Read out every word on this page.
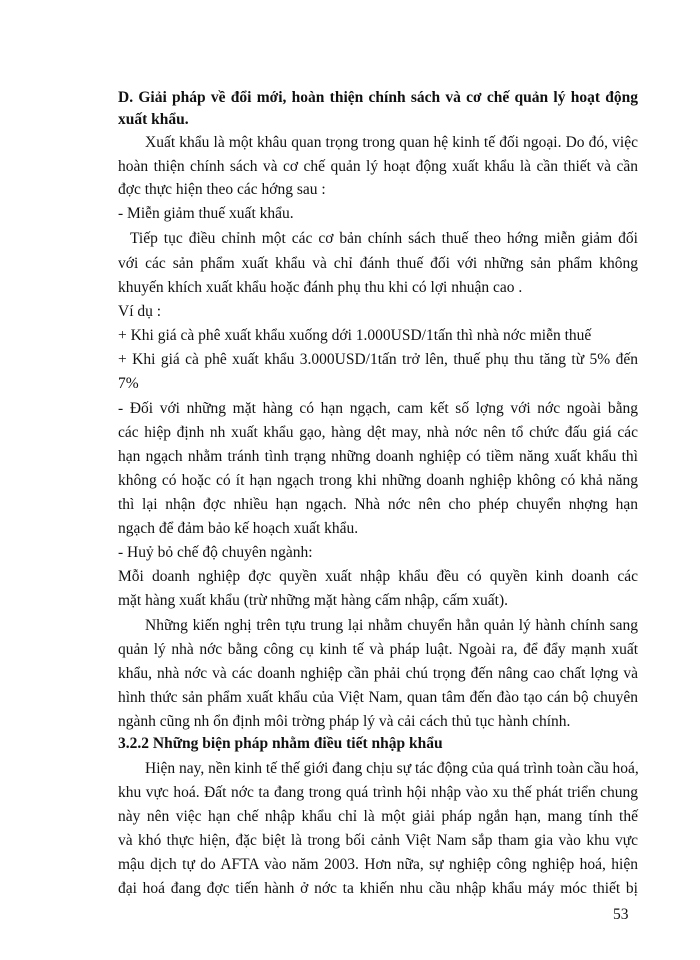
D. Giải pháp về đổi mới, hoàn thiện chính sách và cơ chế quản lý hoạt động
xuất khẩu.
Xuất khẩu là một khâu quan trọng trong quan hệ kinh tế đối ngoại. Do đó, việc
hoàn thiện chính sách và cơ chế quản lý hoạt động xuất khẩu là cần thiết và cần
đợc thực hiện theo các hớng sau :
- Miễn giảm thuế xuất khẩu.
Tiếp tục điều chỉnh một các cơ bản chính sách thuế theo hớng miễn giảm đối
với các sản phẩm xuất khẩu và chỉ đánh thuế đối với những sản phẩm không
khuyến khích xuất khẩu hoặc đánh phụ thu khi có lợi nhuận cao .
Ví dụ :
+ Khi giá cà phê xuất khẩu xuống dới 1.000USD/1tấn thì nhà nớc miễn thuế
+ Khi giá cà phê xuất khẩu 3.000USD/1tấn trở lên, thuế phụ thu tăng từ 5% đến
7%
- Đối với những mặt hàng có hạn ngạch, cam kết số lợng với nớc ngoài bằng
các hiệp định nh xuất khẩu gạo, hàng dệt may, nhà nớc nên tổ chức đấu giá các
hạn ngạch nhằm tránh tình trạng những doanh nghiệp có tiềm năng xuất khẩu thì
không có hoặc có ít hạn ngạch trong khi những doanh nghiệp không có khả năng
thì lại nhận đợc nhiều hạn ngạch. Nhà nớc nên cho phép chuyển nhợng hạn
ngạch để đảm bảo kế hoạch xuất khẩu.
- Huỷ bỏ chế độ chuyên ngành:
Mỗi doanh nghiệp đợc quyền xuất nhập khẩu đều có quyền kinh doanh các
mặt hàng xuất khẩu (trừ những mặt hàng cấm nhập, cấm xuất).
Những kiến nghị trên tựu trung lại nhằm chuyển hẳn quản lý hành chính sang
quản lý nhà nớc bằng công cụ kinh tế và pháp luật. Ngoài ra, để đẩy mạnh xuất
khẩu, nhà nớc và các doanh nghiệp cần phải chú trọng đến nâng cao chất lợng và
hình thức sản phẩm xuất khẩu của Việt Nam, quan tâm đến đào tạo cán bộ chuyên
ngành cũng nh ổn định môi trờng pháp lý và cải cách thủ tục hành chính.
3.2.2 Những biện pháp nhằm điều tiết nhập khẩu
Hiện nay, nền kinh tế thế giới đang chịu sự tác động của quá trình toàn cầu hoá,
khu vực hoá. Đất nớc ta đang trong quá trình hội nhập vào xu thế phát triển chung
này nên việc hạn chế nhập khẩu chỉ là một giải pháp ngắn hạn, mang tính thế
và khó thực hiện, đặc biệt là trong bối cảnh Việt Nam sắp tham gia vào khu vực
mậu dịch tự do AFTA vào năm 2003. Hơn nữa, sự nghiệp công nghiệp hoá, hiện
đại hoá đang đợc tiến hành ở nớc ta khiến nhu cầu nhập khẩu máy móc thiết bị
53
